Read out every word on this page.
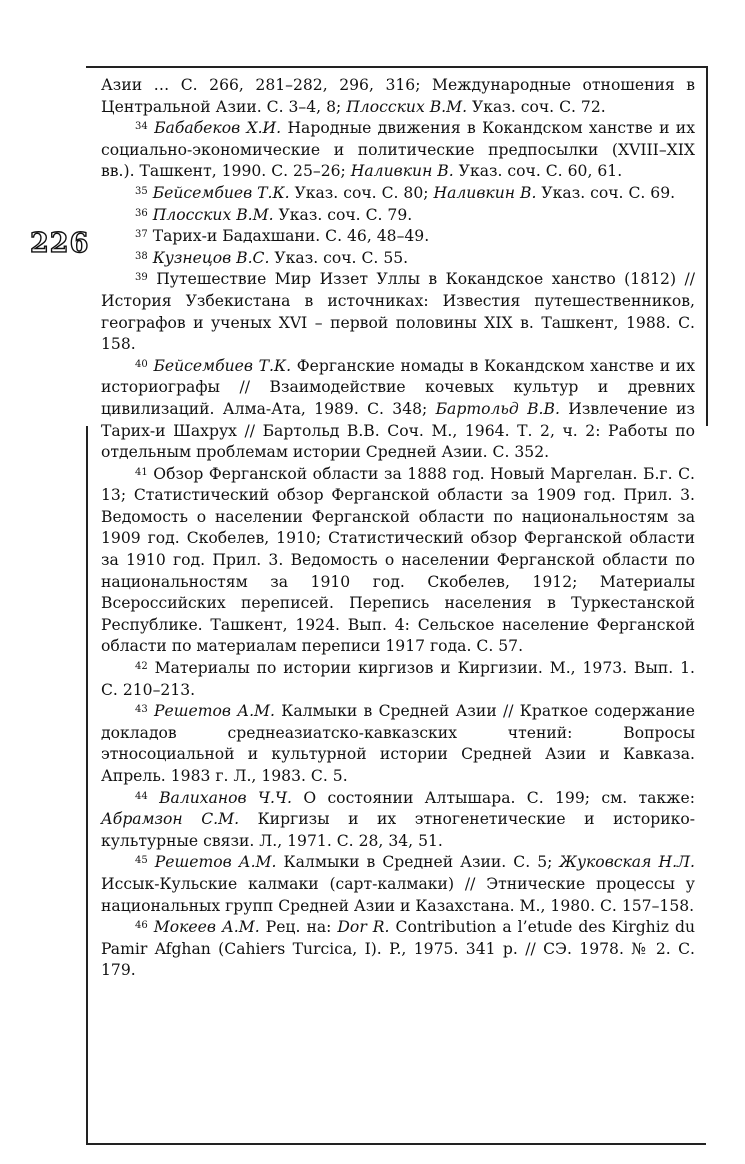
226

Азии … С. 266, 281–282, 296, 316; Международные отношения в Центральной Азии. С. 3–4, 8; Плосских В.М. Указ. соч. С. 72.

$^{34}$ Бабабеков Х.И. Народные движения в Кокандском ханстве и их социально-экономические и политические предпосылки (XVIII–XIX вв.). Ташкент, 1990. С. 25–26; Наливкин В. Указ. соч. С. 60, 61.

$^{35}$ Бейсембиев Т.К. Указ. соч. С. 80; Наливкин В. Указ. соч. С. 69.

$^{36}$ Плосских В.М. Указ. соч. С. 79.

$^{37}$ Тарих-и Бадахшани. С. 46, 48–49.

$^{38}$ Кузнецов В.С. Указ. соч. С. 55.

$^{39}$ Путешествие Мир Иззет Уллы в Кокандское ханство (1812) // История Узбекистана в источниках: Известия путешественников, географов и ученых XVI – первой половины XIX в. Ташкент, 1988. С. 158.

$^{40}$ Бейсембиев Т.К. Ферганские номады в Кокандском ханстве и их историографы // Взаимодействие кочевых культур и древних цивилизаций. Алма-Ата, 1989. С. 348; Бартольд В.В. Извлечение из Тарих-и Шахрух // Бартольд В.В. Соч. М., 1964. Т. 2, ч. 2: Работы по отдельным проблемам истории Средней Азии. С. 352.

$^{41}$ Обзор Ферганской области за 1888 год. Новый Маргелан. Б.г. С. 13; Статистический обзор Ферганской области за 1909 год. Прил. 3. Ведомость о населении Ферганской области по национальностям за 1909 год. Скобелев, 1910; Статистический обзор Ферганской области за 1910 год. Прил. 3. Ведомость о населении Ферганской области по национальностям за 1910 год. Скобелев, 1912; Материалы Всероссийских переписей. Перепись населения в Туркестанской Республике. Ташкент, 1924. Вып. 4: Сельское население Ферганской области по материалам переписи 1917 года. С. 57.

$^{42}$ Материалы по истории киргизов и Киргизии. М., 1973. Вып. 1. С. 210–213.

$^{43}$ Решетов А.М. Калмыки в Средней Азии // Краткое содержание докладов среднеазиатско-кавказских чтений: Вопросы этносоциальной и культурной истории Средней Азии и Кавказа. Апрель. 1983 г. Л., 1983. С. 5.

$^{44}$ Валиханов Ч.Ч. О состоянии Алтышара. С. 199; см. также: Абрамзон С.М. Киргизы и их этногенетические и историко-культурные связи. Л., 1971. С. 28, 34, 51.

$^{45}$ Решетов А.М. Калмыки в Средней Азии. С. 5; Жуковская Н.Л. Иссык-Кульские калмаки (сарт-калмаки) // Этнические процессы у национальных групп Средней Азии и Казахстана. М., 1980. С. 157–158.

$^{46}$ Мокеев А.М. Рец. на: Dor R. Contribution a l’etude des Kirghiz du Pamir Afghan (Cahiers Turcica, I). P., 1975. 341 p. // СЭ. 1978. № 2. С. 179.
